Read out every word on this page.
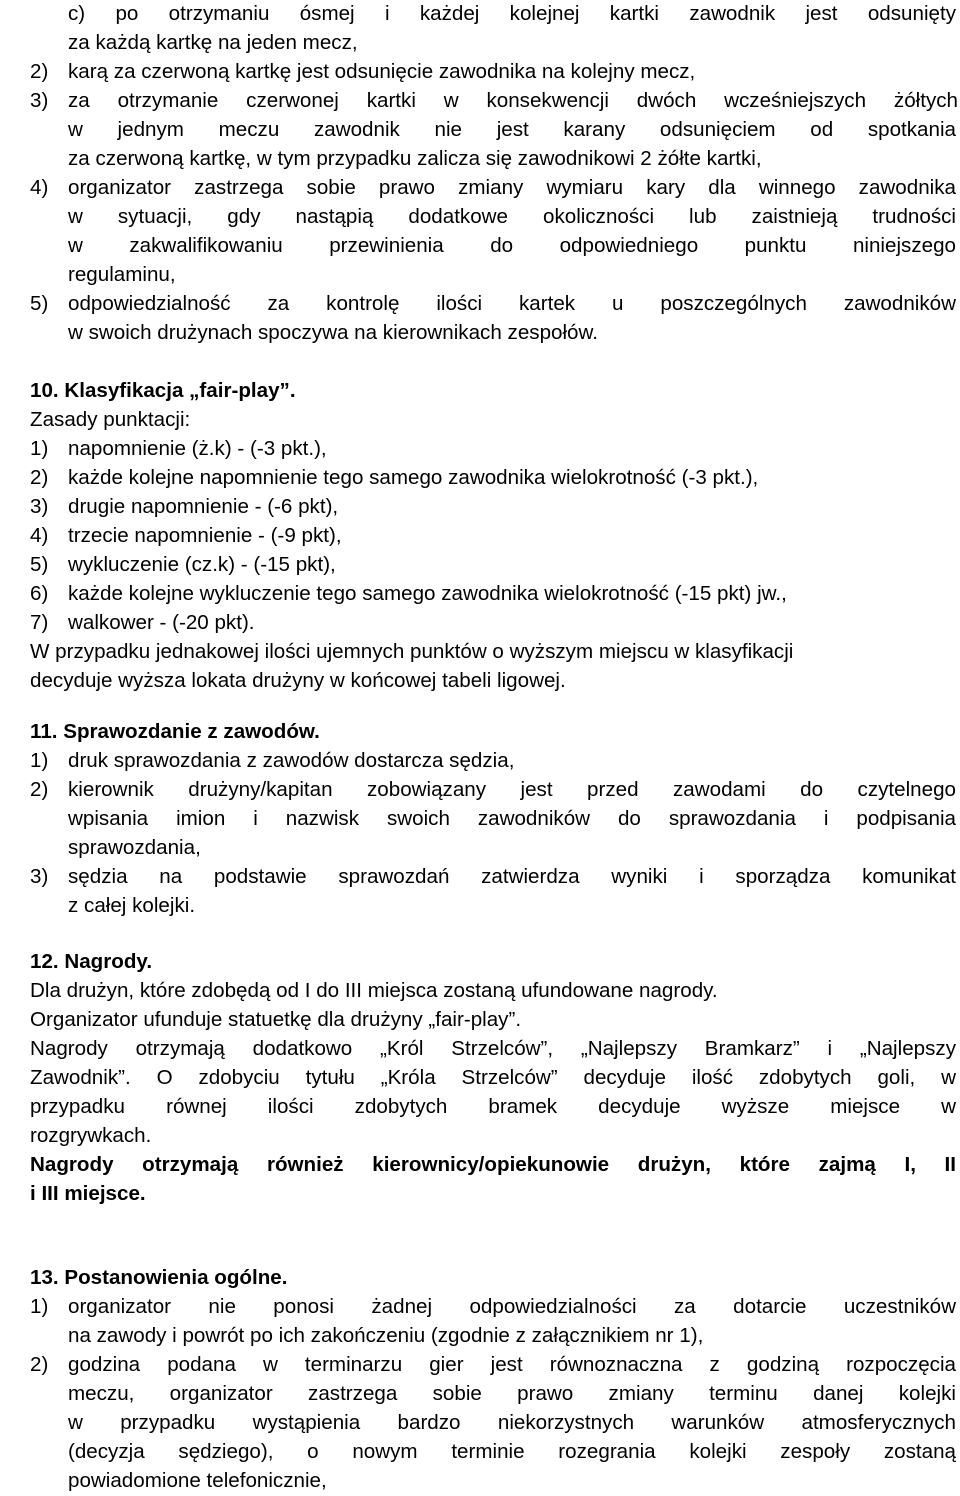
c) po otrzymaniu ósmej i każdej kolejnej kartki zawodnik jest odsunięty
za każdą kartkę na jeden mecz,
2) karą za czerwoną kartkę jest odsunięcie zawodnika na kolejny mecz,
3) za otrzymanie czerwonej kartki w konsekwencji dwóch wcześniejszych żółtych
w jednym meczu zawodnik nie jest karany odsunięciem od spotkania
za czerwoną kartkę, w tym przypadku zalicza się zawodnikowi 2 żółte kartki,
4) organizator zastrzega sobie prawo zmiany wymiaru kary dla winnego zawodnika
w sytuacji, gdy nastąpią dodatkowe okoliczności lub zaistnieją trudności
w zakwalifikowaniu przewinienia do odpowiedniego punktu niniejszego
regulaminu,
5) odpowiedzialność za kontrolę ilości kartek u poszczególnych zawodników
w swoich drużynach spoczywa na kierownikach zespołów.
10. Klasyfikacja „fair-play”.
Zasady punktacji:
1) napomnienie (ż.k) - (-3 pkt.),
2) każde kolejne napomnienie tego samego zawodnika wielokrotność (-3 pkt.),
3) drugie napomnienie - (-6 pkt),
4) trzecie napomnienie - (-9 pkt),
5) wykluczenie (cz.k) - (-15 pkt),
6) każde kolejne wykluczenie tego samego zawodnika wielokrotność (-15 pkt) jw.,
7) walkower - (-20 pkt).
W przypadku jednakowej ilości ujemnych punktów o wyższym miejscu w klasyfikacji
decyduje wyższa lokata drużyny w końcowej tabeli ligowej.
11. Sprawozdanie z zawodów.
1) druk sprawozdania z zawodów dostarcza sędzia,
2) kierownik drużyny/kapitan zobowiązany jest przed zawodami do czytelnego
wpisania imion i nazwisk swoich zawodników do sprawozdania i podpisania
sprawozdania,
3) sędzia na podstawie sprawozdań zatwierdza wyniki i sporządza komunikat
z całej kolejki.
12. Nagrody.
Dla drużyn, które zdobędą od I do III miejsca zostaną ufundowane nagrody.
Organizator ufunduje statuetkę dla drużyny „fair-play”.
Nagrody otrzymają dodatkowo „Król Strzelców”, „Najlepszy Bramkarz” i „Najlepszy
Zawodnik”. O zdobyciu tytułu „Króla Strzelców” decyduje ilość zdobytych goli, w
przypadku równej ilości zdobytych bramek decyduje wyższe miejsce w
rozgrywkach.
Nagrody otrzymają również kierownicy/opiekunowie drużyn, które zajmą I, II
i III miejsce.
13. Postanowienia ogólne.
1) organizator nie ponosi żadnej odpowiedzialności za dotarcie uczestników
na zawody i powrót po ich zakończeniu (zgodnie z załącznikiem nr 1),
2) godzina podana w terminarzu gier jest równoznaczna z godziną rozpoczęcia
meczu, organizator zastrzega sobie prawo zmiany terminu danej kolejki
w przypadku wystąpienia bardzo niekorzystnych warunków atmosferycznych
(decyzja sędziego), o nowym terminie rozegrania kolejki zespoły zostaną
powiadomione telefonicznie,
